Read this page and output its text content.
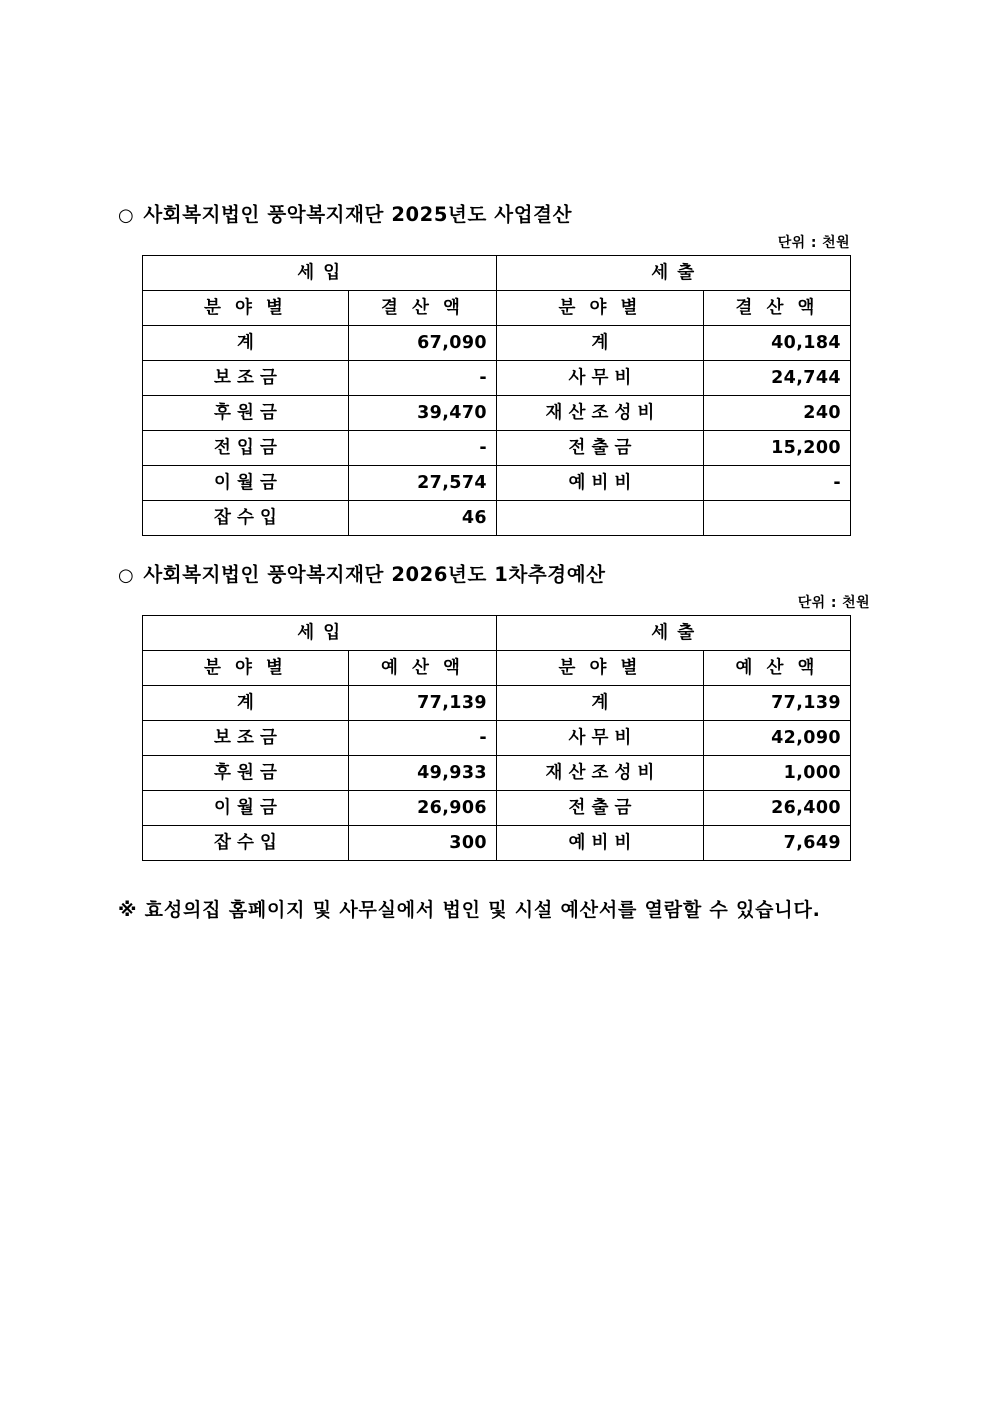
○ 사회복지법인 풍악복지재단 2025년도 사업결산
단위 : 천원
세 입		세 출	
분 야 별	결 산 액	분 야 별	결 산 액
계	67,090	계	40,184
보 조 금	-	사 무 비	24,744
후 원 금	39,470	재 산 조 성 비	240
전 입 금	-	전 출 금	15,200
이 월 금	27,574	예 비 비	-
잡 수 입	46		
○ 사회복지법인 풍악복지재단 2026년도 1차추경예산
단위 : 천원
세 입		세 출	
분 야 별	예 산 액	분 야 별	예 산 액
계	77,139	계	77,139
보 조 금	-	사 무 비	42,090
후 원 금	49,933	재 산 조 성 비	1,000
이 월 금	26,906	전 출 금	26,400
잡 수 입	300	예 비 비	7,649
※ 효성의집 홈페이지 및 사무실에서 법인 및 시설 예산서를 열람할 수 있습니다.
